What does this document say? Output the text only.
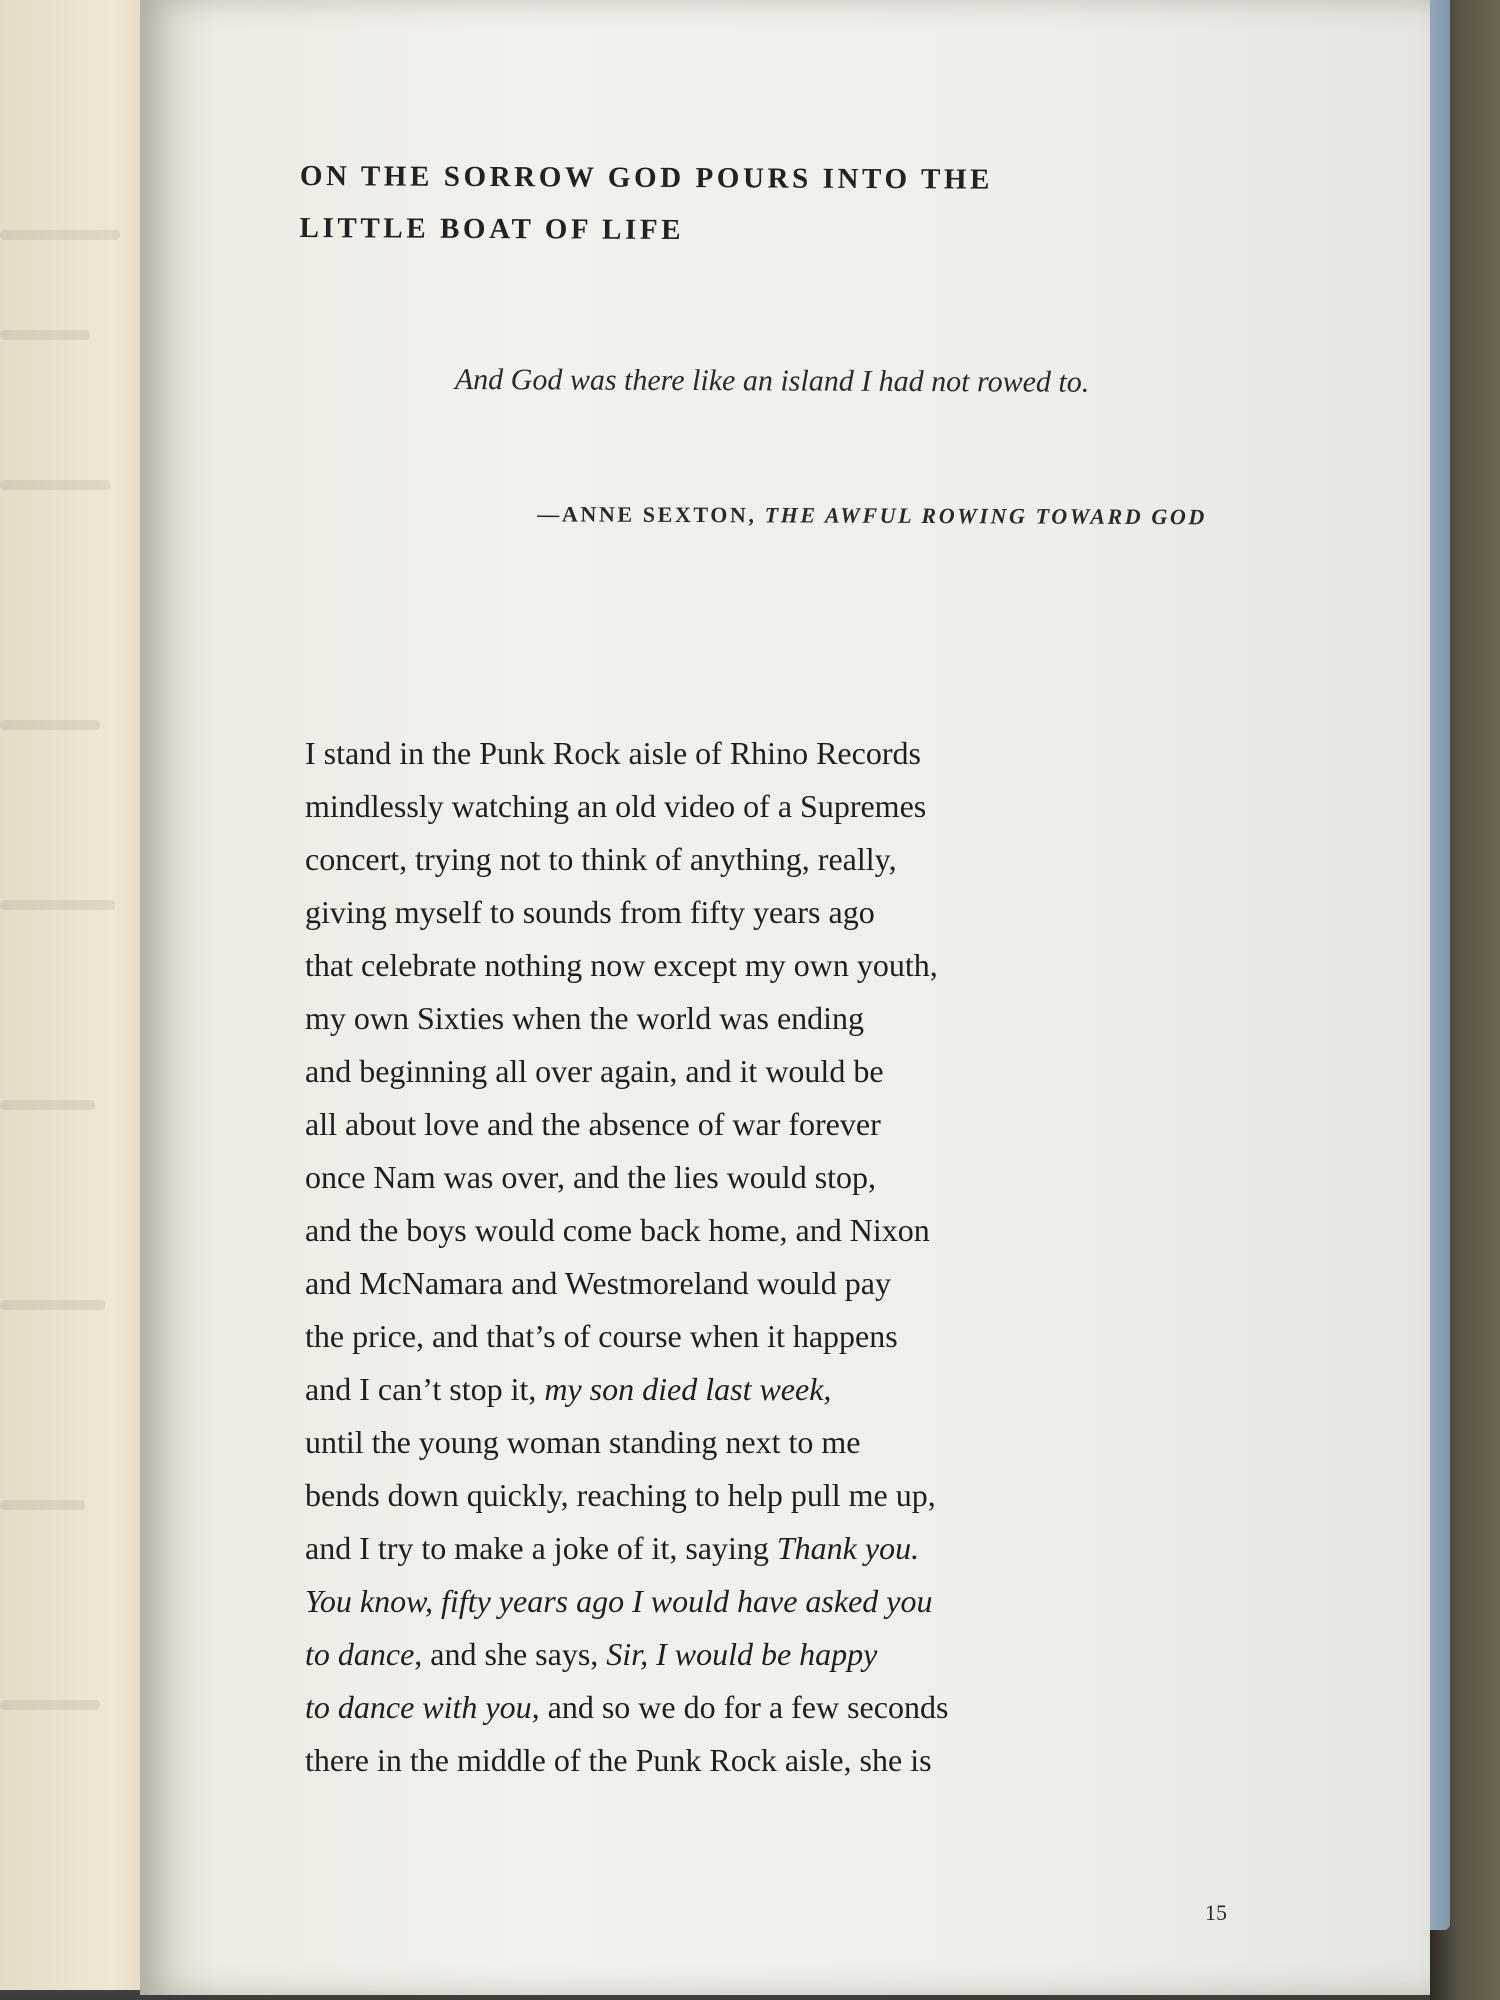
ON THE SORROW GOD POURS INTO THE LITTLE BOAT OF LIFE

And God was there like an island I had not rowed to.

—ANNE SEXTON, THE AWFUL ROWING TOWARD GOD

I stand in the Punk Rock aisle of Rhino Records
mindlessly watching an old video of a Supremes
concert, trying not to think of anything, really,
giving myself to sounds from fifty years ago
that celebrate nothing now except my own youth,
my own Sixties when the world was ending
and beginning all over again, and it would be
all about love and the absence of war forever
once Nam was over, and the lies would stop,
and the boys would come back home, and Nixon
and McNamara and Westmoreland would pay
the price, and that’s of course when it happens
and I can’t stop it, my son died last week,
until the young woman standing next to me
bends down quickly, reaching to help pull me up,
and I try to make a joke of it, saying Thank you.
You know, fifty years ago I would have asked you
to dance, and she says, Sir, I would be happy
to dance with you, and so we do for a few seconds
there in the middle of the Punk Rock aisle, she is
15
